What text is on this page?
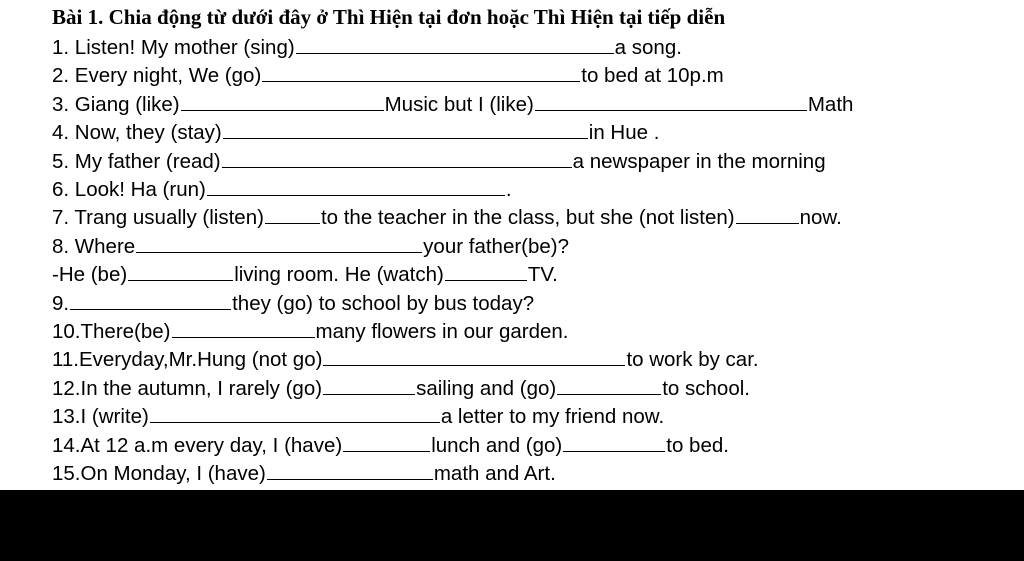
Bài 1. Chia động từ dưới đây ở Thì Hiện tại đơn hoặc Thì Hiện tại tiếp diễn
1. Listen! My mother (sing)	a song.
2. Every night, We (go)	to bed at 10p.m
3. Giang (like)	Music but I (like)	Math
4. Now, they (stay)	in Hue .
5. My father (read)	a newspaper in the morning
6. Look! Ha (run)	.
7. Trang usually (listen)	to the teacher in the class, but she (not listen)	now.
8. Where	your father(be)?
-He (be)	living room. He (watch)	TV.
9.	they (go) to school by bus today?
10.There(be)	many flowers in our garden.
11.Everyday,Mr.Hung (not go)	to work by car.
12.In the autumn, I rarely (go)	sailing and (go)	to school.
13.I (write)	a letter to my friend now.
14.At 12 a.m every day, I (have)	lunch and (go)	to bed.
15.On Monday, I (have)	math and Art.
